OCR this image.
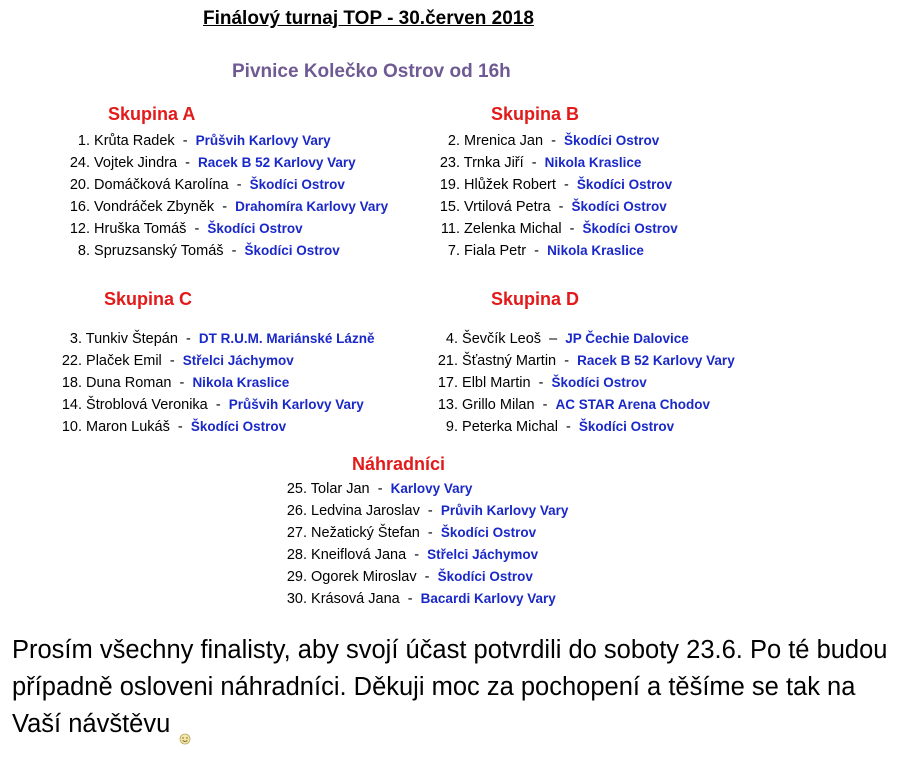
Finálový turnaj TOP - 30.červen 2018
Pivnice Kolečko Ostrov od 16h
Skupina A
1. Krůta Radek - Průšvih Karlovy Vary
24. Vojtek Jindra - Racek B 52 Karlovy Vary
20. Domáčková Karolína - Škodíci Ostrov
16. Vondráček Zbyněk - Drahomíra Karlovy Vary
12. Hruška Tomáš - Škodíci Ostrov
8. Spruzsanský Tomáš - Škodíci Ostrov
Skupina B
2. Mrenica Jan - Škodíci Ostrov
23. Trnka Jiří - Nikola Kraslice
19. Hlůžek Robert - Škodíci Ostrov
15. Vrtilová Petra - Škodíci Ostrov
11. Zelenka Michal - Škodíci Ostrov
7. Fiala Petr - Nikola Kraslice
Skupina C
3. Tunkiv Štepán - DT R.U.M. Mariánské Lázně
22. Plaček Emil - Střelci Jáchymov
18. Duna Roman - Nikola Kraslice
14. Štroblová Veronika - Průšvih Karlovy Vary
10. Maron Lukáš - Škodíci Ostrov
Skupina D
4. Ševčík Leoš – JP Čechie Dalovice
21. Šťastný Martin - Racek B 52 Karlovy Vary
17. Elbl Martin - Škodíci Ostrov
13. Grillo Milan - AC STAR Arena Chodov
9. Peterka Michal - Škodíci Ostrov
Náhradníci
25. Tolar Jan - Karlovy Vary
26. Ledvina Jaroslav - Průvih Karlovy Vary
27. Nežatický Štefan - Škodíci Ostrov
28. Kneiflová Jana - Střelci Jáchymov
29. Ogorek Miroslav - Škodíci Ostrov
30. Krásová Jana - Bacardi Karlovy Vary
Prosím všechny finalisty, aby svojí účast potvrdili do soboty 23.6. Po té budou případně osloveni náhradníci. Děkuji moc za pochopení a těšíme se tak na Vaší návštěvu
